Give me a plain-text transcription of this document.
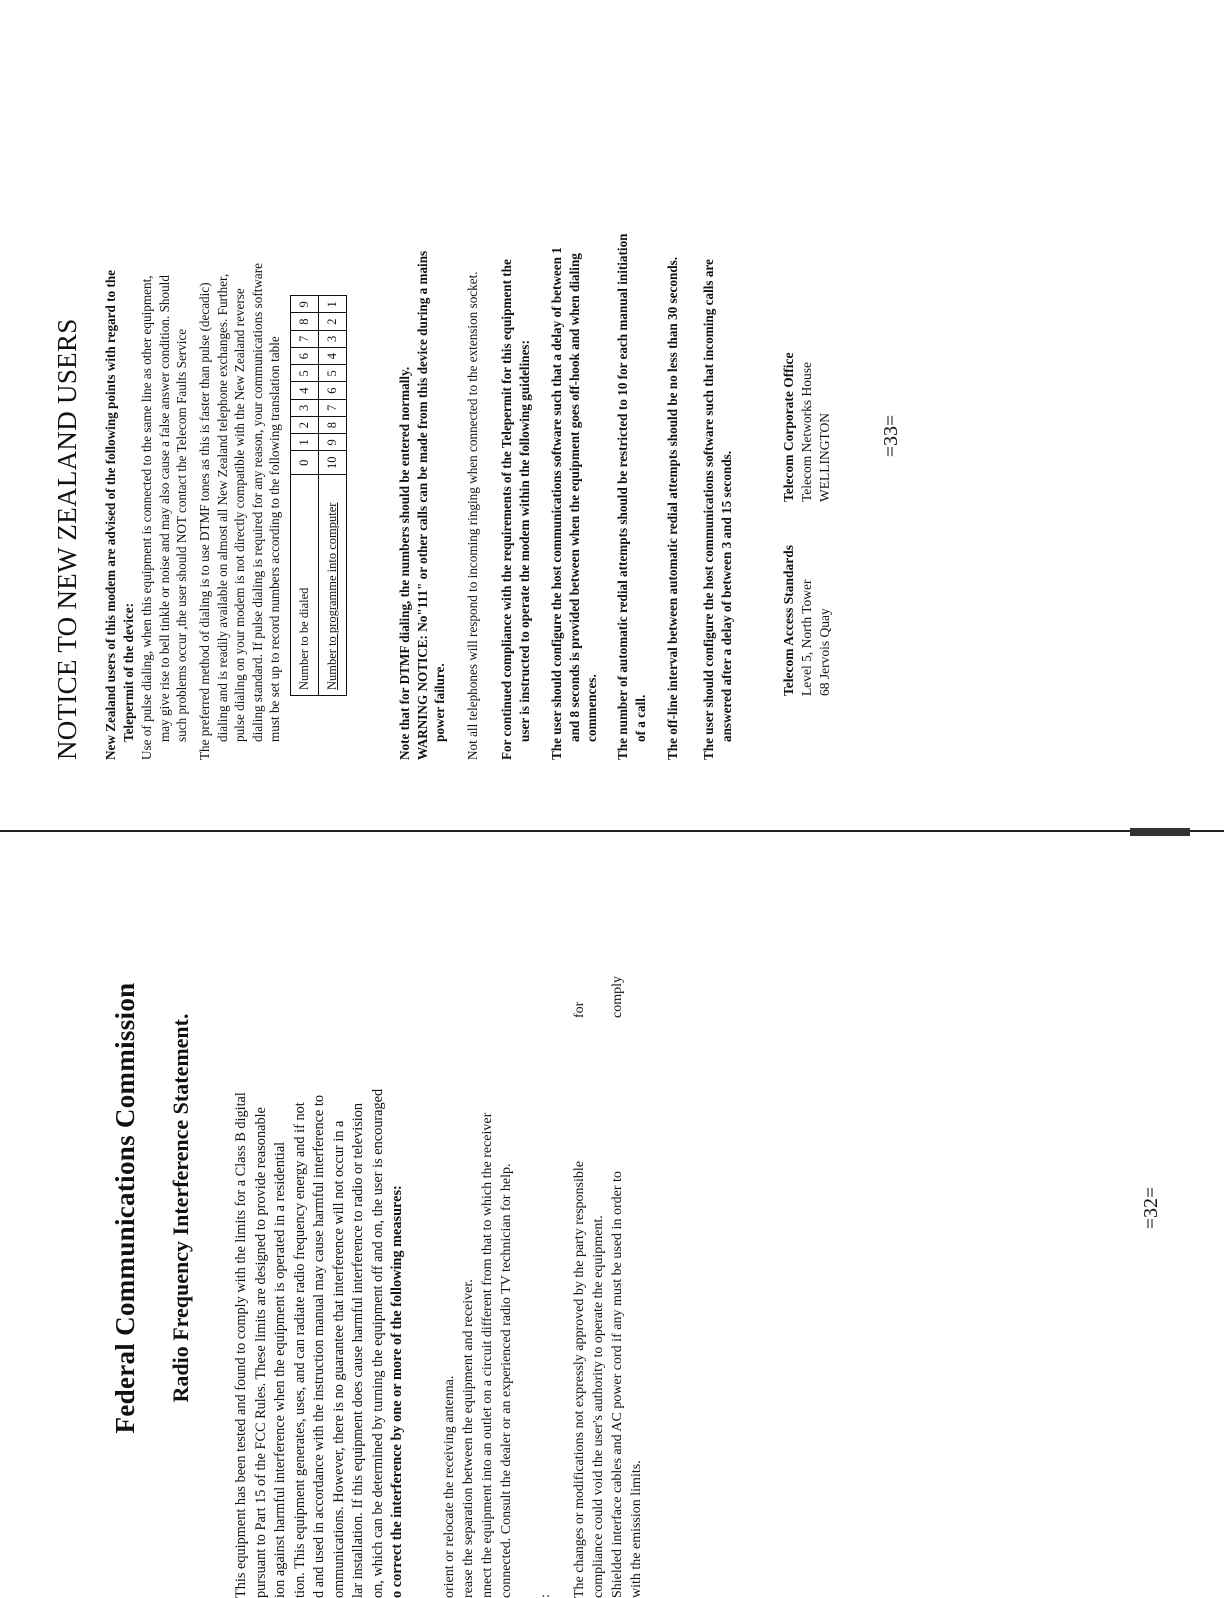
Federal Communications Commission Radio Frequency Interference Statement.	This equipment has been tested and found to comply with the limits for a Class B digital pursuant to Part 15 of the FCC Rules. These limits are designed to provide reasonable ion against harmful interference when the equipment is operated in a residential tion. This equipment generates, uses, and can radiate radio frequency energy and if not d and used in accordance with the instruction manual may cause harmful interference to ommunications. However, there is no guarantee that interference will not occur in a lar installation. If this equipment does cause harmful interference to radio or television on, which can be determined by turning the equipment off and on, the user is encouraged o correct the interference by one or more of the following measures:	orient or relocate the receiving antenna. rease the separation between the equipment and receiver. nnect the equipment into an outlet on a circuit different from that to which the receiver connected. Consult the dealer or an experienced radio TV technician for help. : The changes or modifications not expressly approved by the party responsible compliance could void the user's authority to operate the equipment. Shielded interface cables and AC power cord if any must be used in order to with the emission limits.
for comply
=32=
NOTICE TO NEW ZEALAND USERS New Zealand users of this modem are advised of the following points with regard to the Telepermit of the device: Use of pulse dialing, when this equipment is connected to the same line as other equipment, may give rise to bell tinkle or noise and may also cause a false answer condition. Should such problems occur ,the user should NOT contact the Telecom Faults Service The preferred method of dialing is to use DTMF tones as this is faster than pulse (decadic) dialing and is readily available on almost all New Zealand telephone exchanges. Further, pulse dialing on your modem is not directly compatible with the New Zealand reverse dialing standard. If pulse dialing is required for any reason, your communications software must be set up to record numbers according to the following translation table Number to be dialed	0	1	2	3	4	5	6	7	8	9
Number to programme into computer	10	9	8	7	6	5	4	3	2	1
Note that for DTMF dialing, the numbers should be entered normally. WARNING NOTICE: No"111" or other calls can be made from this device during a mains power failure. Not all telephones will respond to incoming ringing when connected to the extension socket. For continued compliance with the requirements of the Telepermit for this equipment the user is instructed to operate the modem within the following guidelines: The user should configure the host communications software such that a delay of between 1 and 8 seconds is provided between when the equipment goes off-hook and when dialing commences. The number of automatic redial attempts should be restricted to 10 for each manual initiation of a call. The off-line interval between automatic redial attempts should be no less than 30 seconds. The user should configure the host communications software such that incoming calls are answered after a delay of between 3 and 15 seconds.	Telecom Access Standards Level 5, North Tower 68 Jervois Quay
Telecom Corporate Office Telecom Networks House WELLINGTON =33=
